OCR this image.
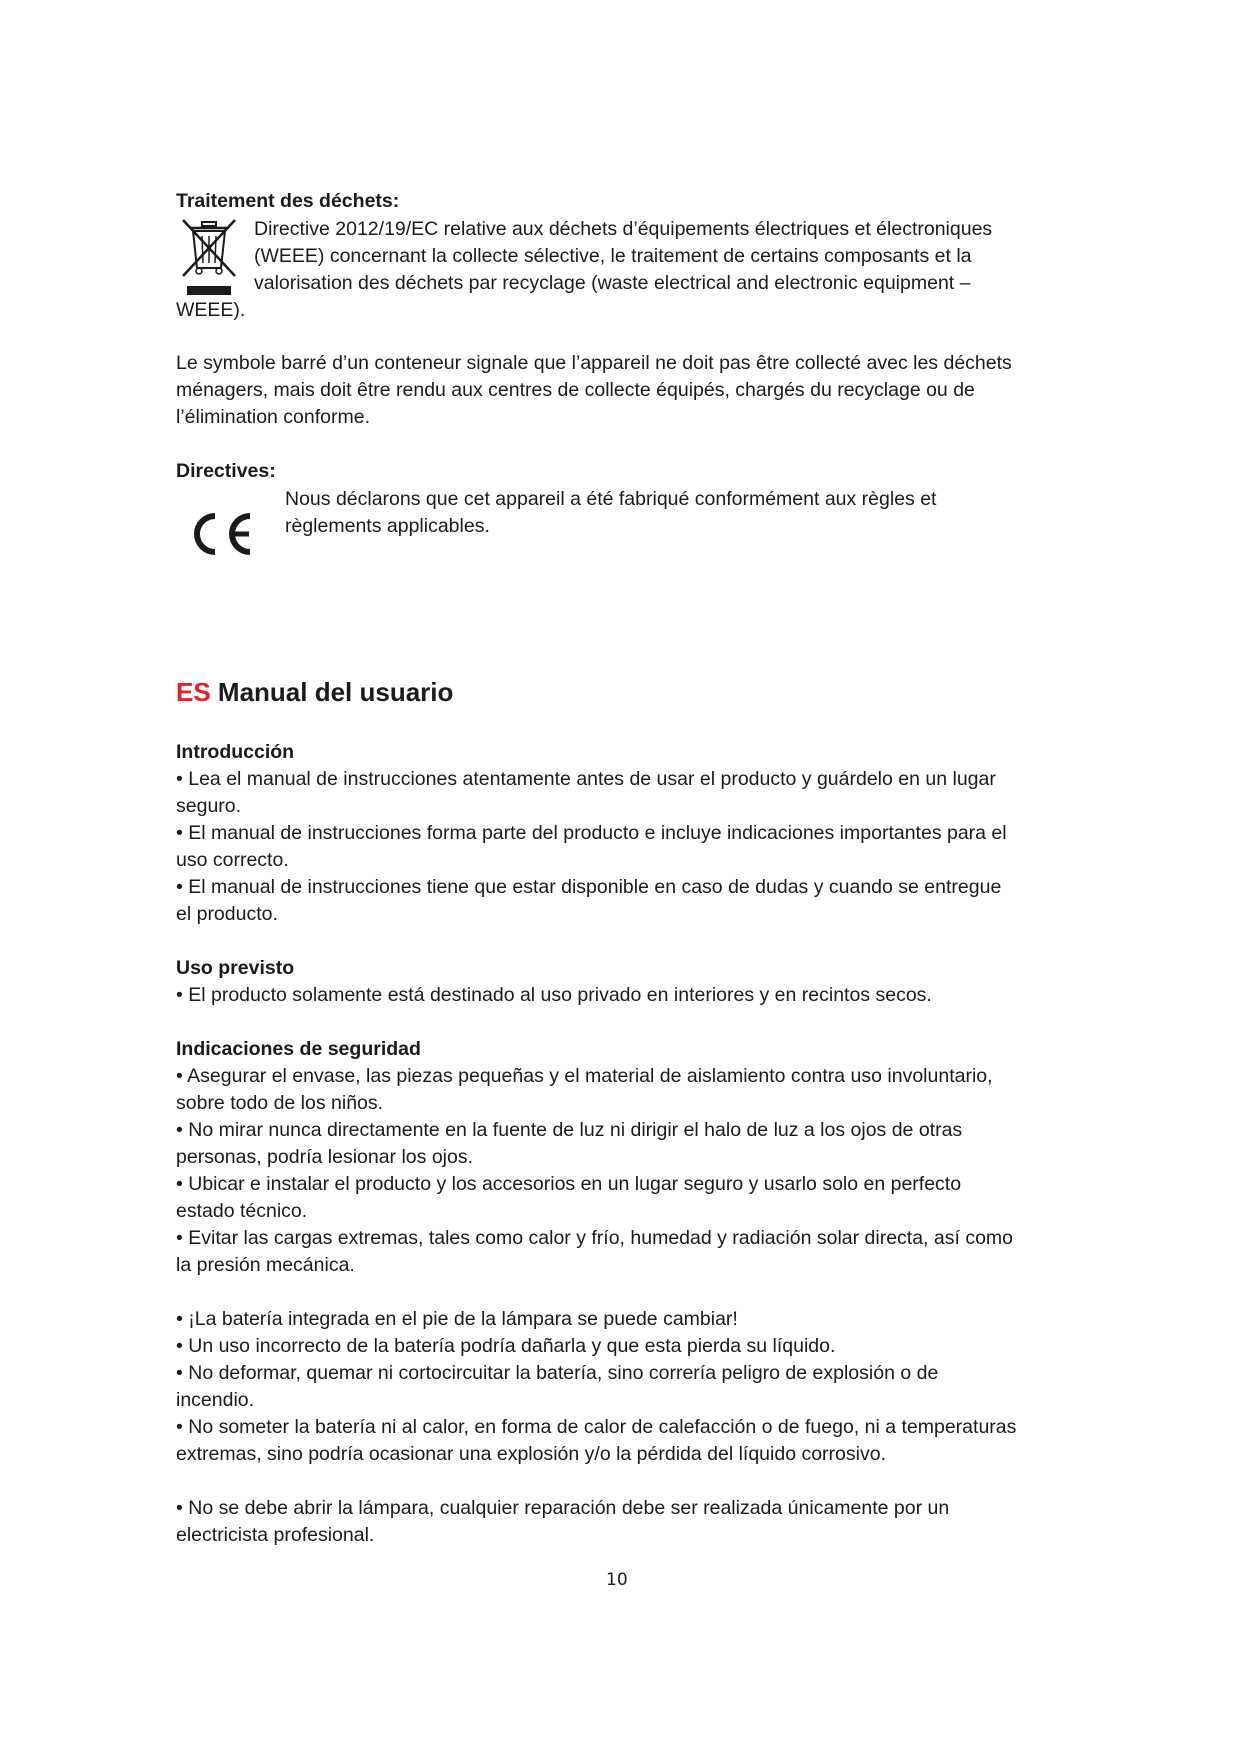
Traitement des déchets:
Directive 2012/19/EC relative aux déchets d’équipements électriques et électroniques
(WEEE) concernant la collecte sélective, le traitement de certains composants et la
valorisation des déchets par recyclage (waste electrical and electronic equipment –
WEEE).
Le symbole barré d’un conteneur signale que l’appareil ne doit pas être collecté avec les déchets
ménagers, mais doit être rendu aux centres de collecte équipés, chargés du recyclage ou de
l’élimination conforme.
Directives:
Nous déclarons que cet appareil a été fabriqué conformément aux règles et
règlements applicables.
ES Manual del usuario
Introducción
• Lea el manual de instrucciones atentamente antes de usar el producto y guárdelo en un lugar
seguro.
• El manual de instrucciones forma parte del producto e incluye indicaciones importantes para el
uso correcto.
• El manual de instrucciones tiene que estar disponible en caso de dudas y cuando se entregue
el producto.
Uso previsto
• El producto solamente está destinado al uso privado en interiores y en recintos secos.
Indicaciones de seguridad
• Asegurar el envase, las piezas pequeñas y el material de aislamiento contra uso involuntario,
sobre todo de los niños.
• No mirar nunca directamente en la fuente de luz ni dirigir el halo de luz a los ojos de otras
personas, podría lesionar los ojos.
• Ubicar e instalar el producto y los accesorios en un lugar seguro y usarlo solo en perfecto
estado técnico.
• Evitar las cargas extremas, tales como calor y frío, humedad y radiación solar directa, así como
la presión mecánica.
• ¡La batería integrada en el pie de la lámpara se puede cambiar!
• Un uso incorrecto de la batería podría dañarla y que esta pierda su líquido.
• No deformar, quemar ni cortocircuitar la batería, sino correría peligro de explosión o de
incendio.
• No someter la batería ni al calor, en forma de calor de calefacción o de fuego, ni a temperaturas
extremas, sino podría ocasionar una explosión y/o la pérdida del líquido corrosivo.
• No se debe abrir la lámpara, cualquier reparación debe ser realizada únicamente por un
electricista profesional.
10
